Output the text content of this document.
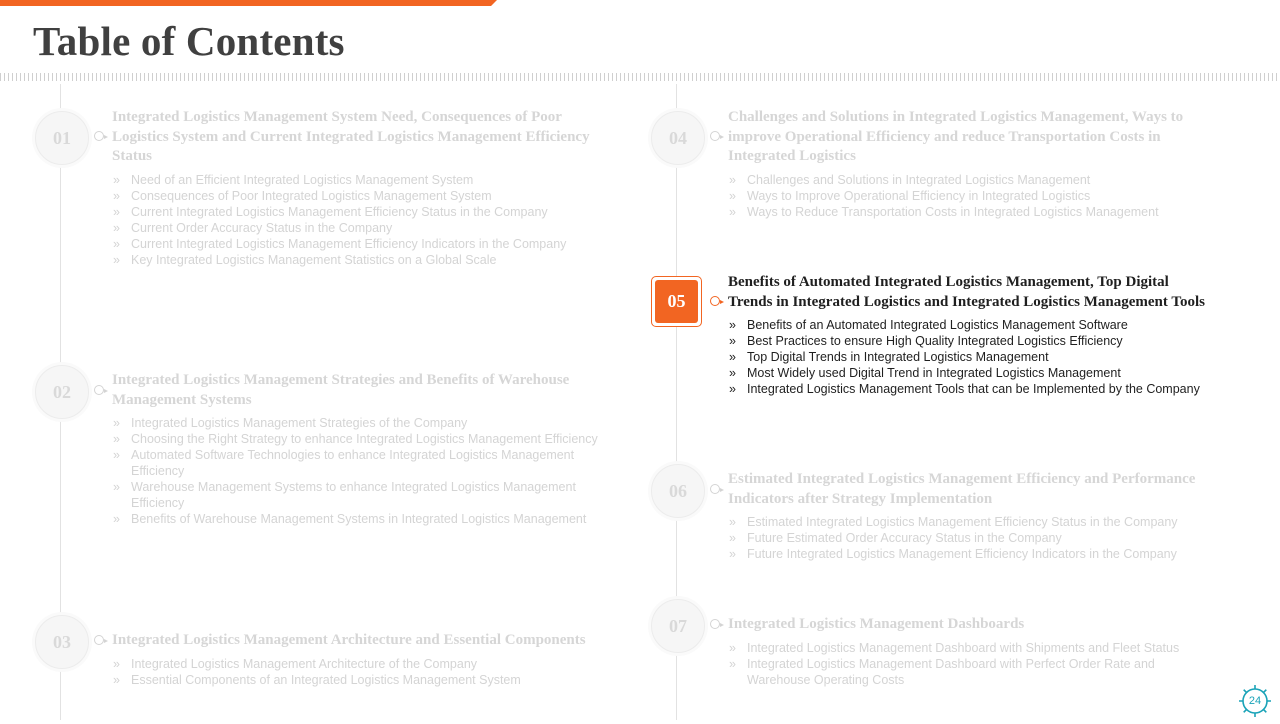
Table of Contents
01

Integrated Logistics Management System Need, Consequences of Poor Logistics System and Current Integrated Logistics Management Efficiency Status

» Need of an Efficient Integrated Logistics Management System
» Consequences of Poor Integrated Logistics Management System
» Current Integrated Logistics Management Efficiency Status in the Company
» Current Order Accuracy Status in the Company
» Current Integrated Logistics Management Efficiency Indicators in the Company
» Key Integrated Logistics Management Statistics on a Global Scale
02

Integrated Logistics Management Strategies and Benefits of Warehouse Management Systems

» Integrated Logistics Management Strategies of the Company
» Choosing the Right Strategy to enhance Integrated Logistics Management Efficiency
» Automated Software Technologies to enhance Integrated Logistics Management Efficiency
» Warehouse Management Systems to enhance Integrated Logistics Management Efficiency
» Benefits of Warehouse Management Systems in Integrated Logistics Management
03	Integrated Logistics Management Architecture and Essential Components

» Integrated Logistics Management Architecture of the Company
» Essential Components of an Integrated Logistics Management System
04

Challenges and Solutions in Integrated Logistics Management, Ways to improve Operational Efficiency and reduce Transportation Costs in Integrated Logistics

» Challenges and Solutions in Integrated Logistics Management
» Ways to Improve Operational Efficiency in Integrated Logistics
» Ways to Reduce Transportation Costs in Integrated Logistics Management
05

Benefits of Automated Integrated Logistics Management, Top Digital Trends in Integrated Logistics and Integrated Logistics Management Tools

» Benefits of an Automated Integrated Logistics Management Software
» Best Practices to ensure High Quality Integrated Logistics Efficiency
» Top Digital Trends in Integrated Logistics Management
» Most Widely used Digital Trend in Integrated Logistics Management
» Integrated Logistics Management Tools that can be Implemented by the Company
06

Estimated Integrated Logistics Management Efficiency and Performance Indicators after Strategy Implementation

» Estimated Integrated Logistics Management Efficiency Status in the Company
» Future Estimated Order Accuracy Status in the Company
» Future Integrated Logistics Management Efficiency Indicators in the Company
07	Integrated Logistics Management Dashboards

» Integrated Logistics Management Dashboard with Shipments and Fleet Status
» Integrated Logistics Management Dashboard with Perfect Order Rate and Warehouse Operating Costs
24
